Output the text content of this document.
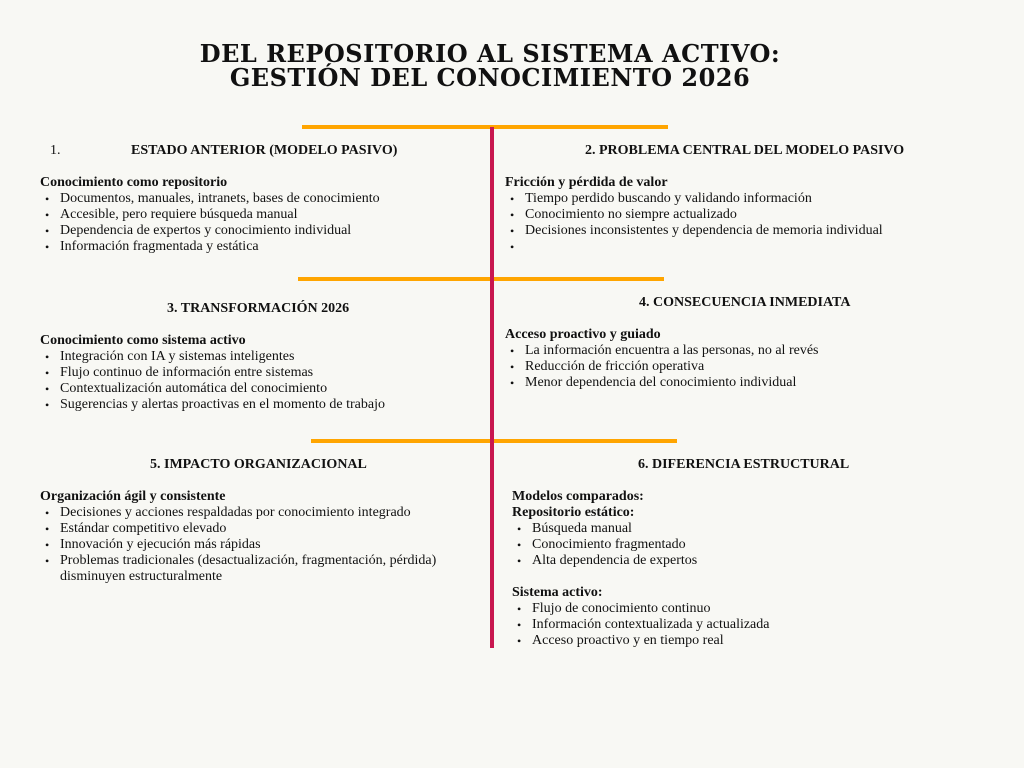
DEL REPOSITORIO AL SISTEMA ACTIVO:
GESTIÓN DEL CONOCIMIENTO 2026
1.	ESTADO ANTERIOR (MODELO PASIVO)
Conocimiento como repositorio
• Documentos, manuales, intranets, bases de conocimiento
• Accesible, pero requiere búsqueda manual
• Dependencia de expertos y conocimiento individual
• Información fragmentada y estática
2. PROBLEMA CENTRAL DEL MODELO PASIVO
Fricción y pérdida de valor
• Tiempo perdido buscando y validando información
• Conocimiento no siempre actualizado
• Decisiones inconsistentes y dependencia de memoria individual
•
3. TRANSFORMACIÓN 2026
Conocimiento como sistema activo
• Integración con IA y sistemas inteligentes
• Flujo continuo de información entre sistemas
• Contextualización automática del conocimiento
• Sugerencias y alertas proactivas en el momento de trabajo
4. CONSECUENCIA INMEDIATA
Acceso proactivo y guiado
• La información encuentra a las personas, no al revés
• Reducción de fricción operativa
• Menor dependencia del conocimiento individual
5. IMPACTO ORGANIZACIONAL
Organización ágil y consistente
• Decisiones y acciones respaldadas por conocimiento integrado
• Estándar competitivo elevado
• Innovación y ejecución más rápidas
• Problemas tradicionales (desactualización, fragmentación, pérdida) disminuyen estructuralmente
6. DIFERENCIA ESTRUCTURAL
Modelos comparados:
Repositorio estático:
• Búsqueda manual
• Conocimiento fragmentado
• Alta dependencia de expertos
Sistema activo:
• Flujo de conocimiento continuo
• Información contextualizada y actualizada
• Acceso proactivo y en tiempo real
